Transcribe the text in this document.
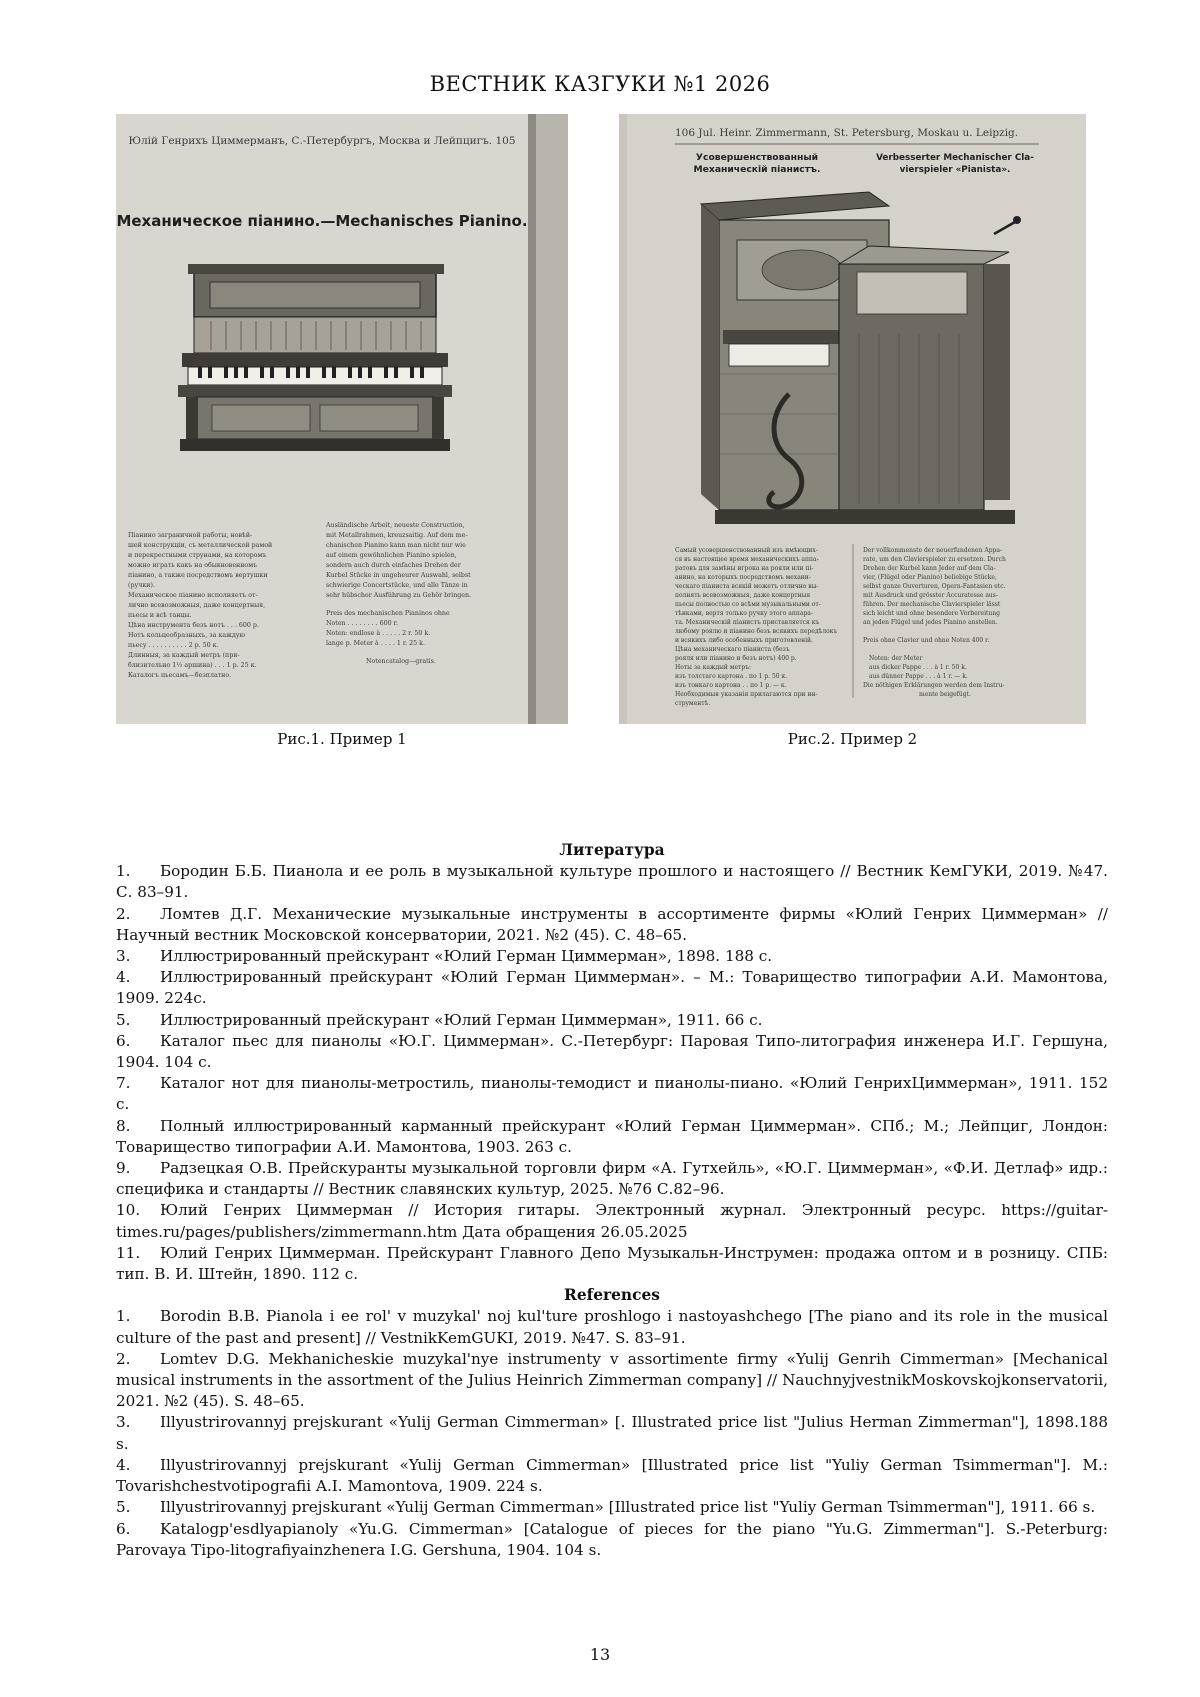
ВЕСТНИК КАЗГУКИ №1 2026
Юлій Генрихъ Циммерманъ, С.-Петербургъ, Москва и Лейпцигъ. 105
Механическое піанино.—Mechanisches Pianino.
Піанино заграничной работы, новѣй-
шей конструкціи, съ металлической рамой
и перекрестными струнами, на которомъ
можно играть какъ на обыкновенномъ
піанино, а также посредствомъ вертушки
(ручки).
Механическое піанино исполняетъ от-
лично всевозможныя, даже концертныя,
пьесы и всѣ танцы.
Цѣна инструмента безъ нотъ . . . 600 р.
Нотъ кольцеобразныхъ, за каждую
пьесу . . . . . . . . . . 2 р. 50 к.
Длинныя, за каждый метръ (при-
близительно 1½ аршина) . . . 1 р. 25 к.
Каталогъ пьесамъ—безплатно.
Ausländische Arbeit, neueste Construction,
mit Metallrahmen, kreuzsaitig. Auf dem me-
chanischen Pianino kann man nicht nur wie
auf einem gewöhnlichen Pianino spielen,
sondern auch durch einfaches Drehen der
Kurbel Stücke in ungeheurer Auswahl, selbst
schwierige Concertstücke, und alle Tänze in
sehr hübscher Ausführung zu Gehör bringen.
Preis des mechanischen Pianinos ohne
Noten . . . . . . . . 600 r.
Noten: endlose à . . . . . 2 r. 50 k.
lange p. Meter à . . . . 1 r. 25 k.
Notencatalog—gratis.
Рис.1. Пример 1
106 Jul. Heinr. Zimmermann, St. Petersburg, Moskau u. Leipzig.
Усовершенствованный
Механическій піанистъ.
Verbesserter Mechanischer Cla-
vierspieler «Pianista».
Самый усовершенствованный изъ имѣющих-
ся въ настоящее время механическихъ аппа-
ратовъ для замѣны игрока на рояли или пі-
анино, на которыхъ посредствомъ механи-
ческаго піаниста всякій можетъ отлично вы-
полнять всевозможныя, даже концертныя
пьесы полностью со всѣми музыкальными от-
тѣнками, вертя только ручку этого аппара-
та. Механическій піанистъ приставляется къ
любому роялю и піанино безъ всякихъ передѣлокъ
и всякихъ либо особенныхъ приготовленій.
Цѣна механическаго піаниста (безъ
рояля или піанино и безъ нотъ) 400 р.
Ноты за каждый метръ:
изъ толстаго картона . по 1 р. 50 к.
изъ тонкаго картона . . по 1 р. — к.
Необходимыя указанія прилагаются при ин-
струментѣ.
Der vollkommenste der neuerfundenen Appa-
rate, um den Clavierspieler zu ersetzen. Durch
Drehen der Kurbel kann Jeder auf dem Cla-
vier, (Flügel oder Pianino) beliebige Stücke,
selbst ganze Ouverturen, Opern-Fantasien etc.
mit Ausdruck und grösster Accuratesse aus-
führen. Der mechanische Clavierspieler lässt
sich leicht und ohne besondere Vorbereitung
an jeden Flügel und jedes Pianino anstellen.
Preis ohne Clavier und ohne Noten 400 r.
Noten: der Meter
aus dicker Pappe . . . à 1 r. 50 k.
aus dünner Pappe . . . à 1 r. — k.
Die nöthigen Erklärungen werden dem Instru-
mente beigefügt.
Рис.2. Пример 2
Литература

1. Бородин Б.Б. Пианола и ее роль в музыкальной культуре прошлого и настоящего // Вестник КемГУКИ, 2019. №47. С. 83–91.

2. Ломтев Д.Г. Механические музыкальные инструменты в ассортименте фирмы «Юлий Генрих Циммерман» // Научный вестник Московской консерватории, 2021. №2 (45). С. 48–65.

3. Иллюстрированный прейскурант «Юлий Герман Циммерман», 1898. 188 с.

4. Иллюстрированный прейскурант «Юлий Герман Циммерман». – М.: Товарищество типографии А.И. Мамонтова, 1909. 224с.

5. Иллюстрированный прейскурант «Юлий Герман Циммерман», 1911. 66 с.

6. Каталог пьес для пианолы «Ю.Г. Циммерман». С.-Петербург: Паровая Типо-литография инженера И.Г. Гершуна, 1904. 104 с.

7. Каталог нот для пианолы-метростиль, пианолы-темодист и пианолы-пиано. «Юлий ГенрихЦиммерман», 1911. 152 с.

8. Полный иллюстрированный карманный прейскурант «Юлий Герман Циммерман». СПб.; М.; Лейпциг, Лондон: Товарищество типографии А.И. Мамонтова, 1903. 263 с.

9. Радзецкая О.В. Прейскуранты музыкальной торговли фирм «А. Гутхейль», «Ю.Г. Циммерман», «Ф.И. Детлаф» идр.: специфика и стандарты // Вестник славянских культур, 2025. №76 С.82–96.

10. Юлий Генрих Циммерман // История гитары. Электронный журнал. Электронный ресурс. https://guitar-times.ru/pages/publishers/zimmermann.htm Дата обращения 26.05.2025

11. Юлий Генрих Циммерман. Прейскурант Главного Депо Музыкальн-Инструмен: продажа оптом и в розницу. СПБ: тип. В. И. Штейн, 1890. 112 с.

References

1. Borodin B.B. Pianola i ee rol' v muzykal' noj kul'ture proshlogo i nastoyashchego [The piano and its role in the musical culture of the past and present] // VestnikKemGUKI, 2019. №47. S. 83–91.

2. Lomtev D.G. Mekhanicheskie muzykal'nye instrumenty v assortimente firmy «Yulij Genrih Cimmerman» [Mechanical musical instruments in the assortment of the Julius Heinrich Zimmerman company] // NauchnyjvestnikMoskovskojkonservatorii, 2021. №2 (45). S. 48–65.

3. Illyustrirovannyj prejskurant «Yulij German Cimmerman» [. Illustrated price list "Julius Herman Zimmerman"], 1898.188 s.

4. Illyustrirovannyj prejskurant «Yulij German Cimmerman» [Illustrated price list "Yuliy German Tsimmerman"]. M.: Tovarishchestvotipografii A.I. Mamontova, 1909. 224 s.

5. Illyustrirovannyj prejskurant «Yulij German Cimmerman» [Illustrated price list "Yuliy German Tsimmerman"], 1911. 66 s.

6. Katalogp'esdlyapianoly «Yu.G. Cimmerman» [Catalogue of pieces for the piano "Yu.G. Zimmerman"]. S.-Peterburg: Parovaya Tipo-litografiyainzhenera I.G. Gershuna, 1904. 104 s.

13
